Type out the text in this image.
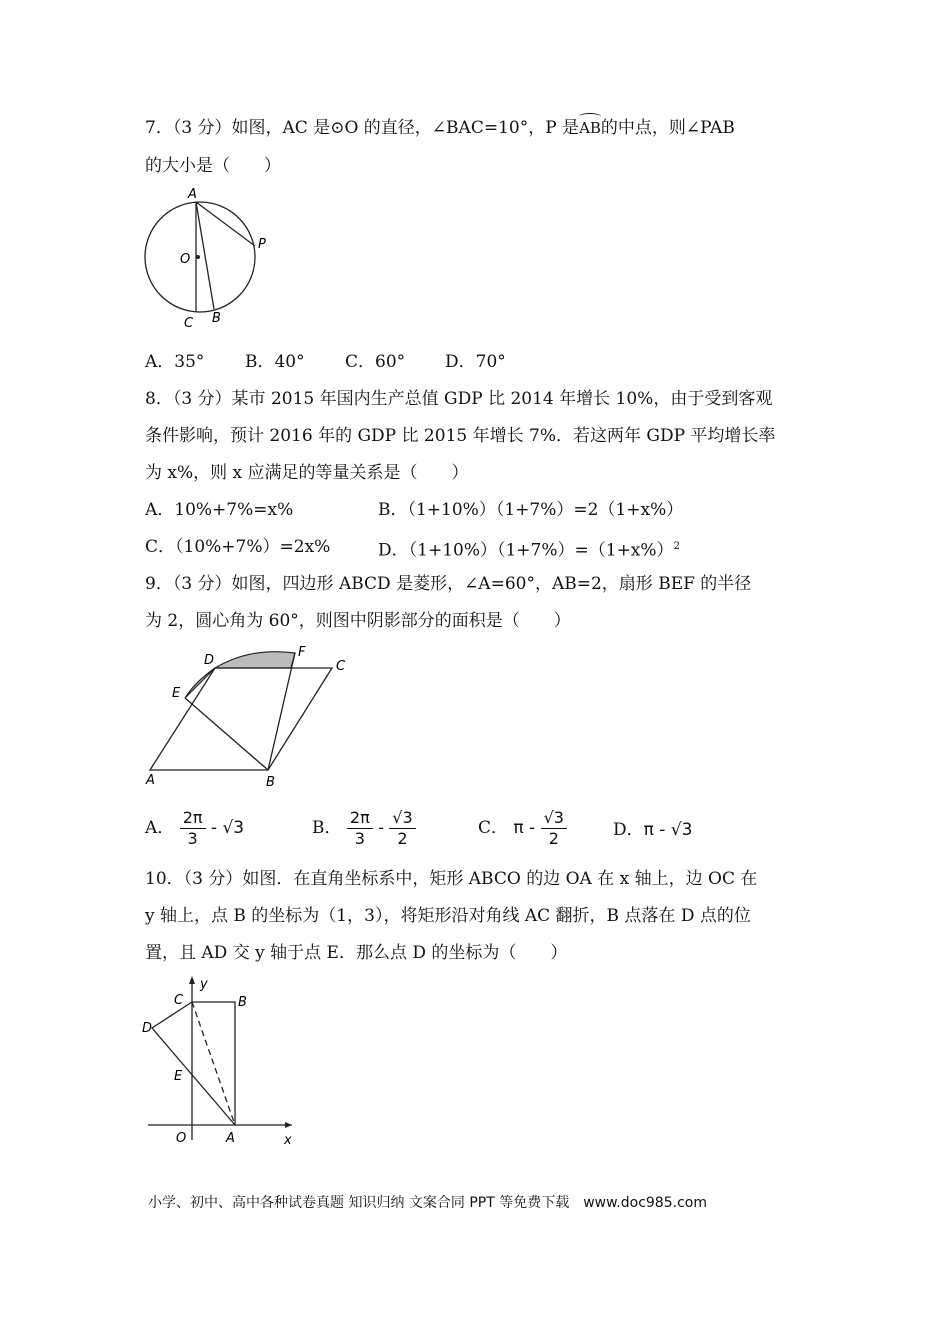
7．（3 分）如图，AC 是⊙O 的直径，∠BAC=10°，P 是AB的中点，则∠PAB
的大小是（　　）
A
O
P
C B
A．35° B．40° C．60° D．70°
8．（3 分）某市 2015 年国内生产总值 GDP 比 2014 年增长 10%，由于受到客观
条件影响，预计 2016 年的 GDP 比 2015 年增长 7%．若这两年 GDP 平均增长率
为 x%，则 x 应满足的等量关系是（　　）
A．10%+7%=x%	B．（1+10%）（1+7%）=2（1+x%）
C．（10%+7%）=2x%	D．$(1+10\%)(1+7\%)=(1+x\%)^2$
9．（3 分）如图，四边形 ABCD 是菱形，∠A=60°，AB=2，扇形 BEF 的半径
为 2，圆心角为 60°，则图中阴影部分的面积是（　　）
D
F
C
E
A	B
A． $\frac{2\pi}{3} - √3$	B． $\frac{2\pi}{3} - \frac{√3}{2}$	C． π - $\frac{√3}{2}$	D．π - √3
10．（3 分）如图．在直角坐标系中，矩形 ABCO 的边 OA 在 x 轴上，边 OC 在
y 轴上，点 B 的坐标为（1，3），将矩形沿对角线 AC 翻折，B 点落在 D 点的位
置，且 AD 交 y 轴于点 E．那么点 D 的坐标为（　　）
y
C	B
D
E
O	A	x
小学、初中、高中各种试卷真题 知识归纳 文案合同 PPT 等免费下载　www.doc985.com
